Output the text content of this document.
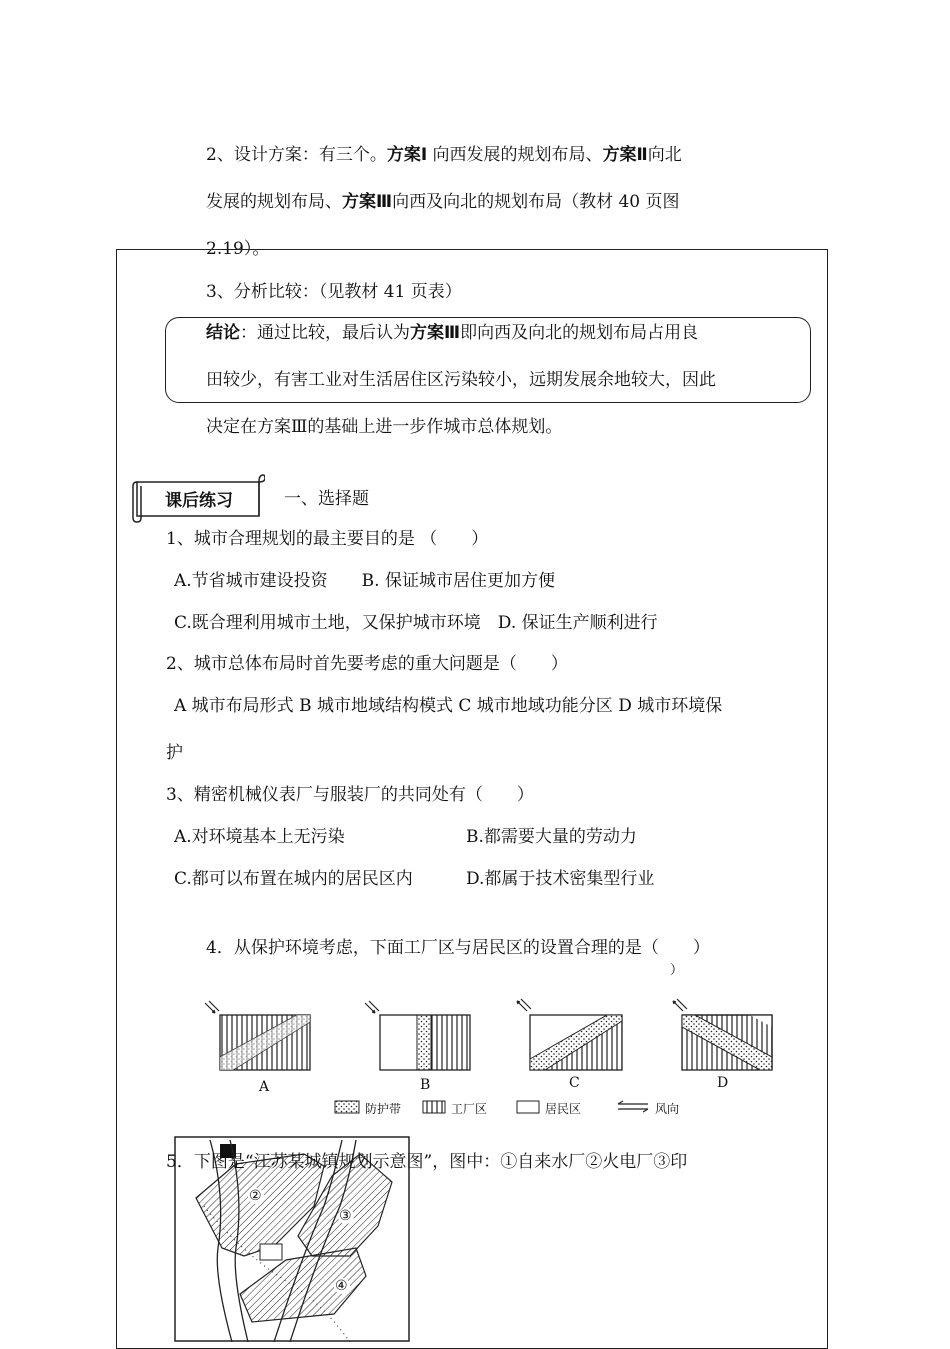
2、设计方案：有三个。方案Ⅰ 向西发展的规划布局、方案Ⅱ向北
发展的规划布局、方案Ⅲ向西及向北的规划布局（教材 40 页图
2.19）。
3、分析比较：（见教材 41 页表）
结论：通过比较，最后认为方案Ⅲ即向西及向北的规划布局占用良
田较少，有害工业对生活居住区污染较小，远期发展余地较大，因此
决定在方案Ⅲ的基础上进一步作城市总体规划。
课后练习	一、选择题
1、城市合理规划的最主要目的是 （　　）
A.节省城市建设投资　　B. 保证城市居住更加方便
C.既合理利用城市土地，又保护城市环境　D. 保证生产顺利进行
2、城市总体布局时首先要考虑的重大问题是（　　）
A 城市布局形式 B 城市地域结构模式 C 城市地域功能分区 D 城市环境保
护
3、精密机械仪表厂与服装厂的共同处有（　　）
A.对环境基本上无污染	B.都需要大量的劳动力
C.都可以布置在城内的居民区内	D.都属于技术密集型行业
4．从保护环境考虑，下面工厂区与居民区的设置合理的是（　　）
）
A	B	C	D
防护带	工厂区	居民区	风向
②
③
④
5．下图是“江苏某城镇规划示意图”，图中：①自来水厂②火电厂③印
